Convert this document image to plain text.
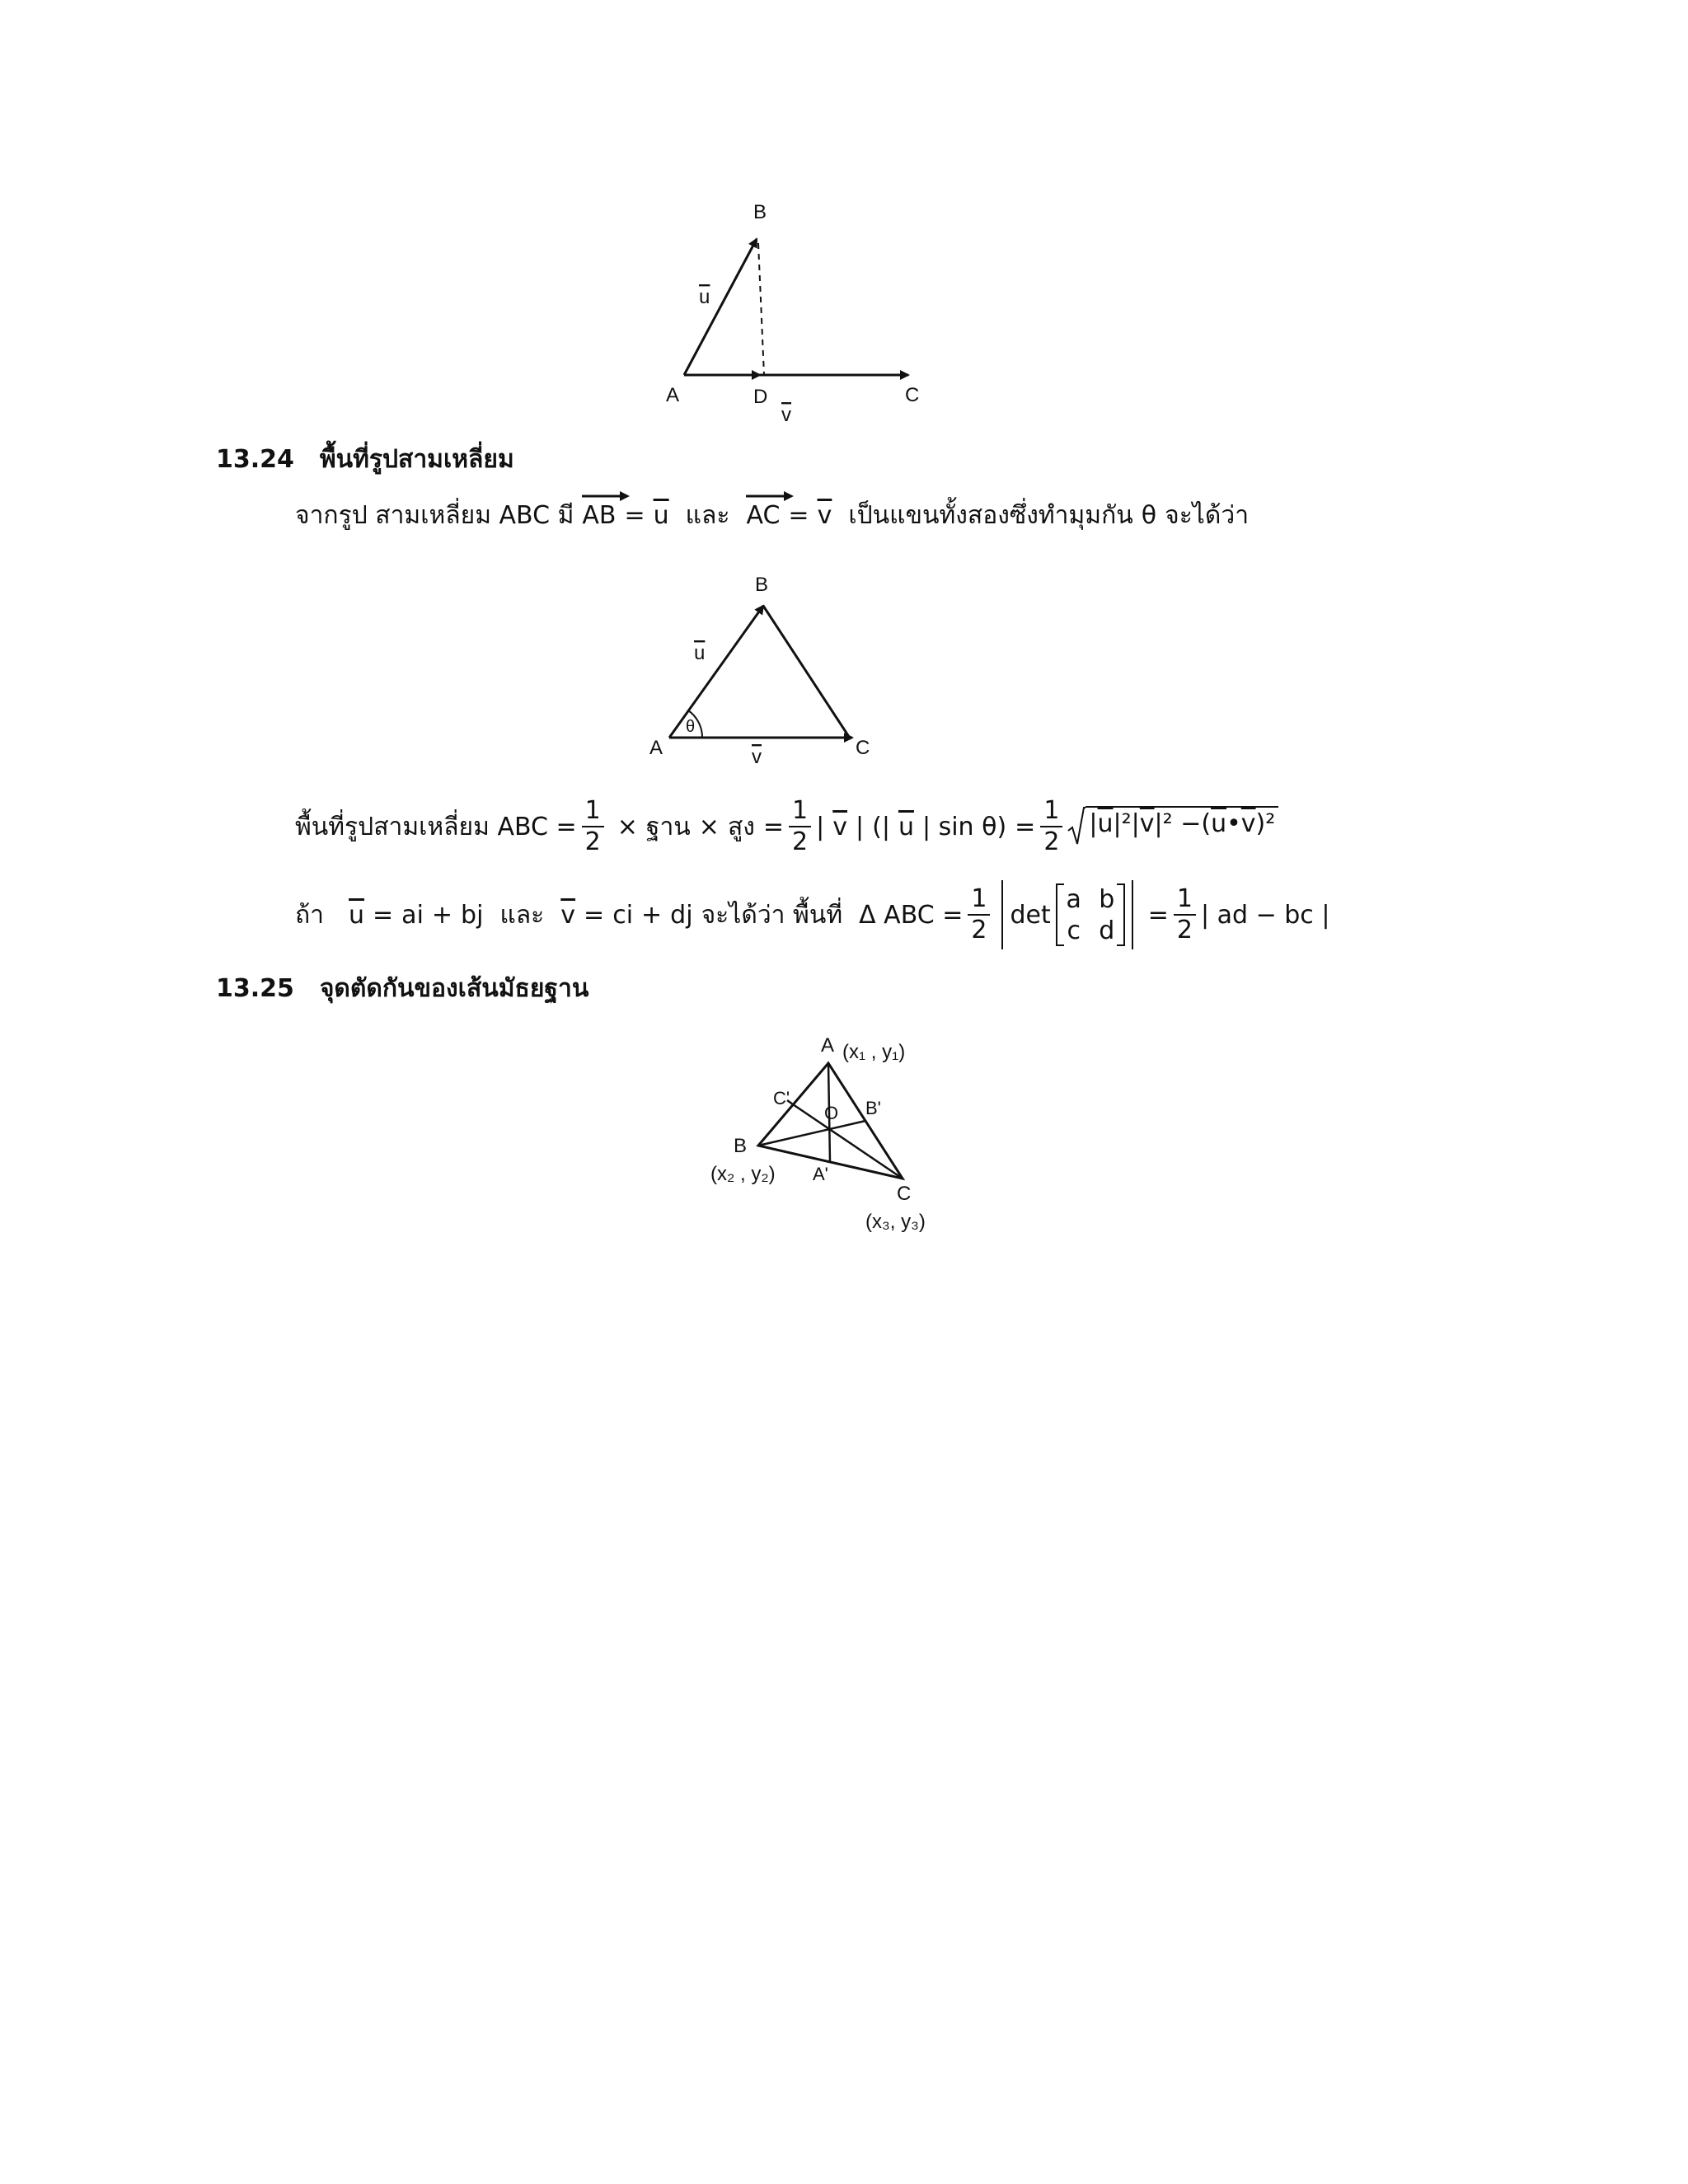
B
u
A	D
v
C
13.24 พื้นที่รูปสามเหลี่ยม
จากรูป สามเหลี่ยม ABC มี AB = $\overline{u}$ และ AC = $\overline{v}$ เป็นแขนทั้งสองซึ่งทำมุมกัน θ จะได้ว่า
B
u
θ
A	v	C
พื้นที่รูปสามเหลี่ยม ABC = $\frac{1}{2}$ × ฐาน × สูง = $\frac{1}{2}$ | $\overline{v}$ | (| $\overline{u}$ | $\sin \theta) = \frac{1}{2} |\overline{u}|^2|\overline{v}|^2$ $-(\overline{u}•\overline{v})^2$
ถ้า $\overline{u} = a$ i + b j และ $\overline{v} = c$ i + d j จะได้ว่า พื้นที่ Δ ABC = $\frac{1}{2}$ det
a b
c d
= $\frac{1}{2}$ | ad − bc |
13.25 จุดตัดกันของเส้นมัธยฐาน
A (x₁ , y₁)
C'
O B'
B
(x₂ , y₂) A'
C
(x₃, y₃)
